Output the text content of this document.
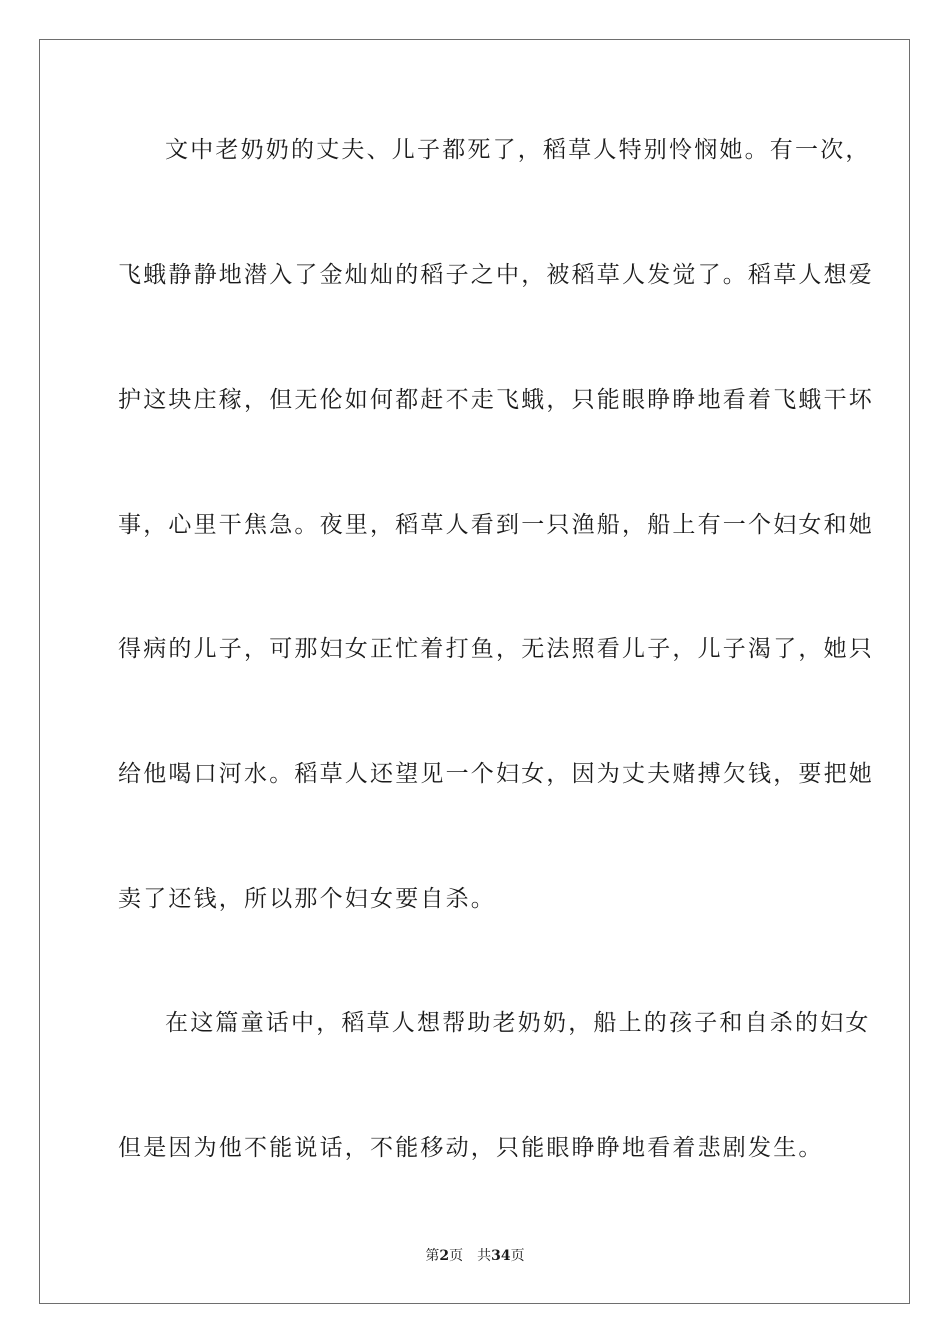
文中老奶奶的丈夫、儿子都死了，稻草人特别怜悯她。有一次，
飞蛾静静地潜入了金灿灿的稻子之中，被稻草人发觉了。稻草人想爱
护这块庄稼，但无伦如何都赶不走飞蛾，只能眼睁睁地看着飞蛾干坏
事，心里干焦急。夜里，稻草人看到一只渔船，船上有一个妇女和她
得病的儿子，可那妇女正忙着打鱼，无法照看儿子，儿子渴了，她只
给他喝口河水。稻草人还望见一个妇女，因为丈夫赌搏欠钱，要把她
卖了还钱，所以那个妇女要自杀。
在这篇童话中，稻草人想帮助老奶奶，船上的孩子和自杀的妇女
但是因为他不能说话，不能移动，只能眼睁睁地看着悲剧发生。
第2页 共34页
